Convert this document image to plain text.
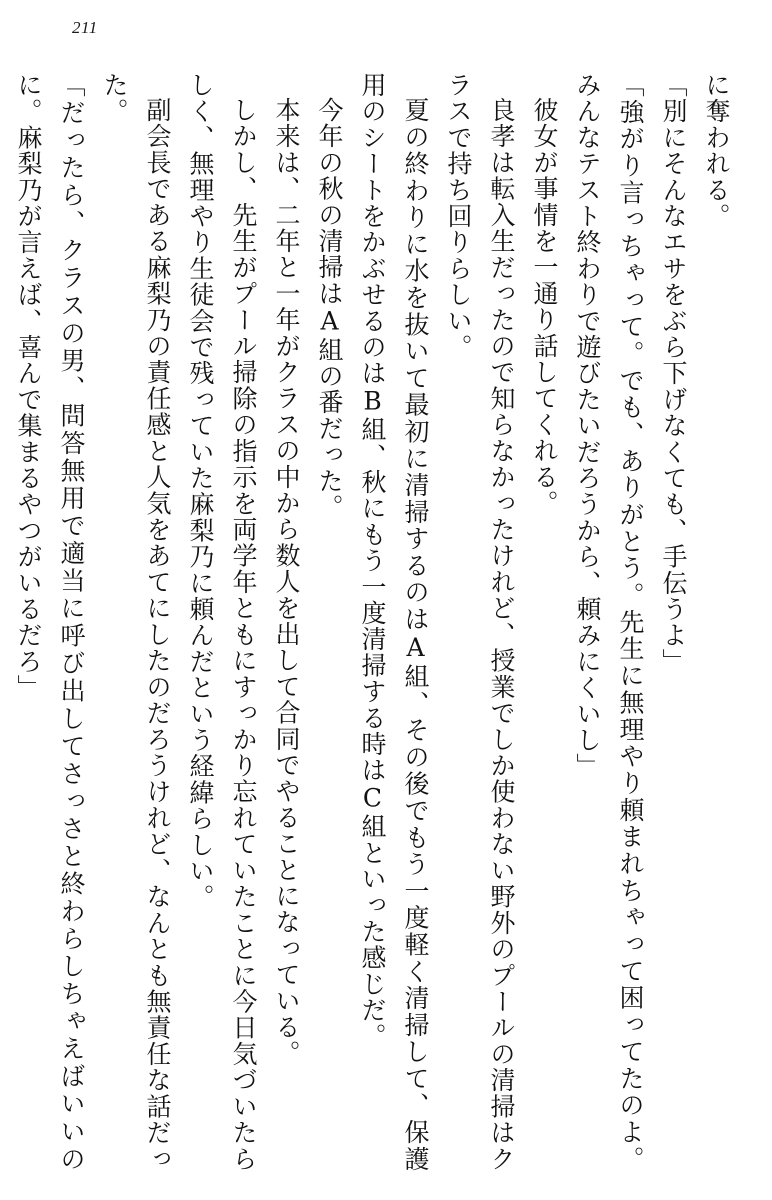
211

に奪われる。

「別にそんなエサをぶら下げなくても、手伝うよ」

「強がり言っちゃって。でも、ありがとう。先生に無理やり頼まれちゃって困ってたのよ。みんなテスト終わりで遊びたいだろうから、頼みにくいし」

彼女が事情を一通り話してくれる。

良孝は転入生だったので知らなかったけれど、授業でしか使わない野外のプールの清掃はクラスで持ち回りらしい。

夏の終わりに水を抜いて最初に清掃するのはA組、その後でもう一度軽く清掃して、保護用のシートをかぶせるのはB組、秋にもう一度清掃する時はC組といった感じだ。

今年の秋の清掃はA組の番だった。

本来は、二年と一年がクラスの中から数人を出して合同でやることになっている。

しかし、先生がプール掃除の指示を両学年ともにすっかり忘れていたことに今日気づいたらしく、無理やり生徒会で残っていた麻梨乃に頼んだという経緯らしい。

副会長である麻梨乃の責任感と人気をあてにしたのだろうけれど、なんとも無責任な話だった。

「だったら、クラスの男、問答無用で適当に呼び出してさっさと終わらしちゃえばいいのに。麻梨乃が言えば、喜んで集まるやつがいるだろ」
